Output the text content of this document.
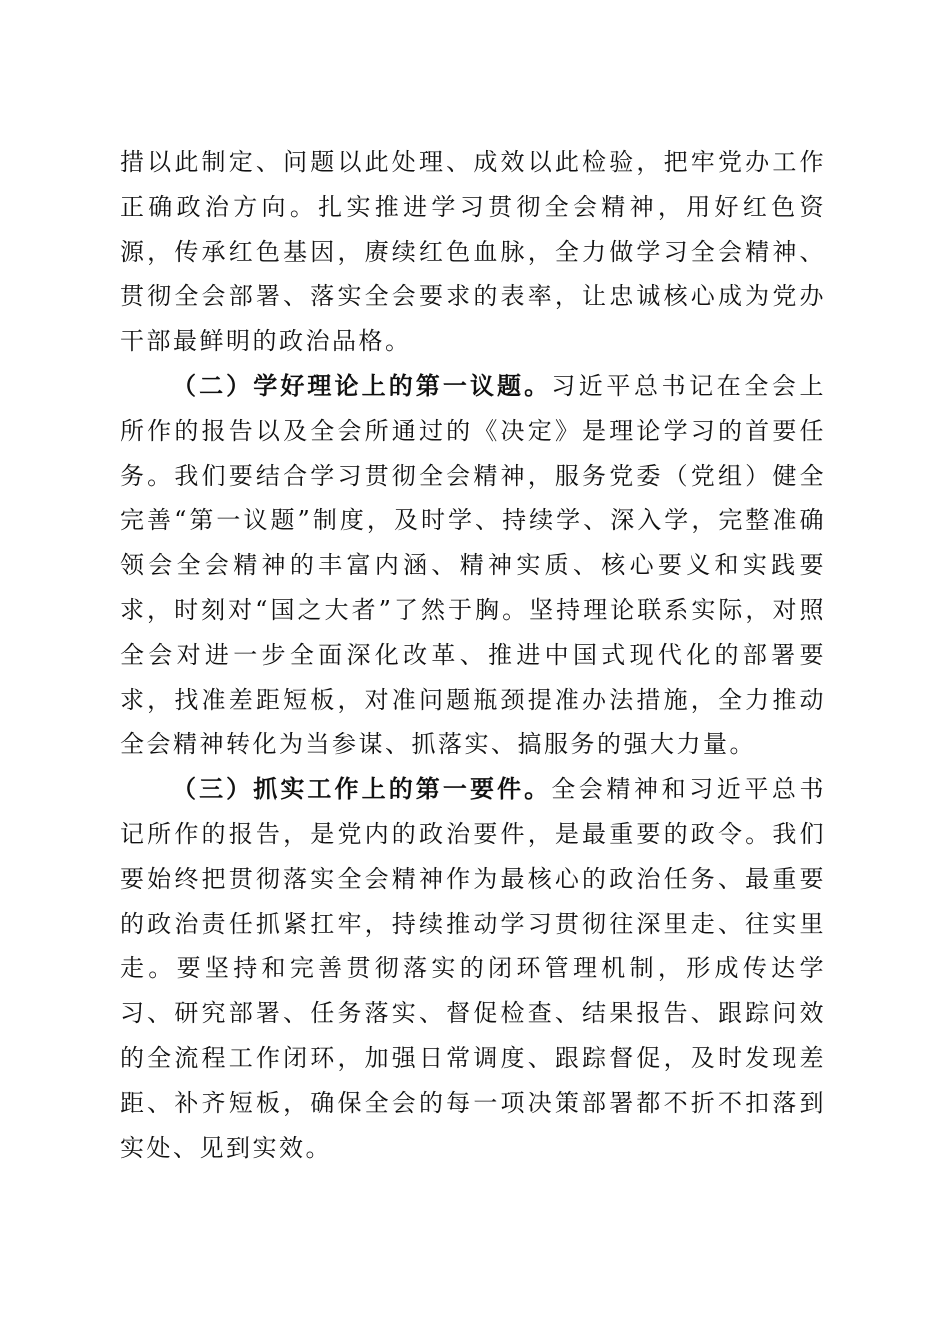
措以此制定、问题以此处理、成效以此检验，把牢党办工作正确政治方向。扎实推进学习贯彻全会精神，用好红色资源，传承红色基因，赓续红色血脉，全力做学习全会精神、贯彻全会部署、落实全会要求的表率，让忠诚核心成为党办干部最鲜明的政治品格。

（二）学好理论上的第一议题。习近平总书记在全会上所作的报告以及全会所通过的《决定》是理论学习的首要任务。我们要结合学习贯彻全会精神，服务党委（党组）健全完善“第一议题”制度，及时学、持续学、深入学，完整准确领会全会精神的丰富内涵、精神实质、核心要义和实践要求，时刻对“国之大者”了然于胸。坚持理论联系实际，对照全会对进一步全面深化改革、推进中国式现代化的部署要求，找准差距短板，对准问题瓶颈提准办法措施，全力推动全会精神转化为当参谋、抓落实、搞服务的强大力量。

（三）抓实工作上的第一要件。全会精神和习近平总书记所作的报告，是党内的政治要件，是最重要的政令。我们要始终把贯彻落实全会精神作为最核心的政治任务、最重要的政治责任抓紧扛牢，持续推动学习贯彻往深里走、往实里走。要坚持和完善贯彻落实的闭环管理机制，形成传达学习、研究部署、任务落实、督促检查、结果报告、跟踪问效的全流程工作闭环，加强日常调度、跟踪督促，及时发现差距、补齐短板，确保全会的每一项决策部署都不折不扣落到实处、见到实效。
